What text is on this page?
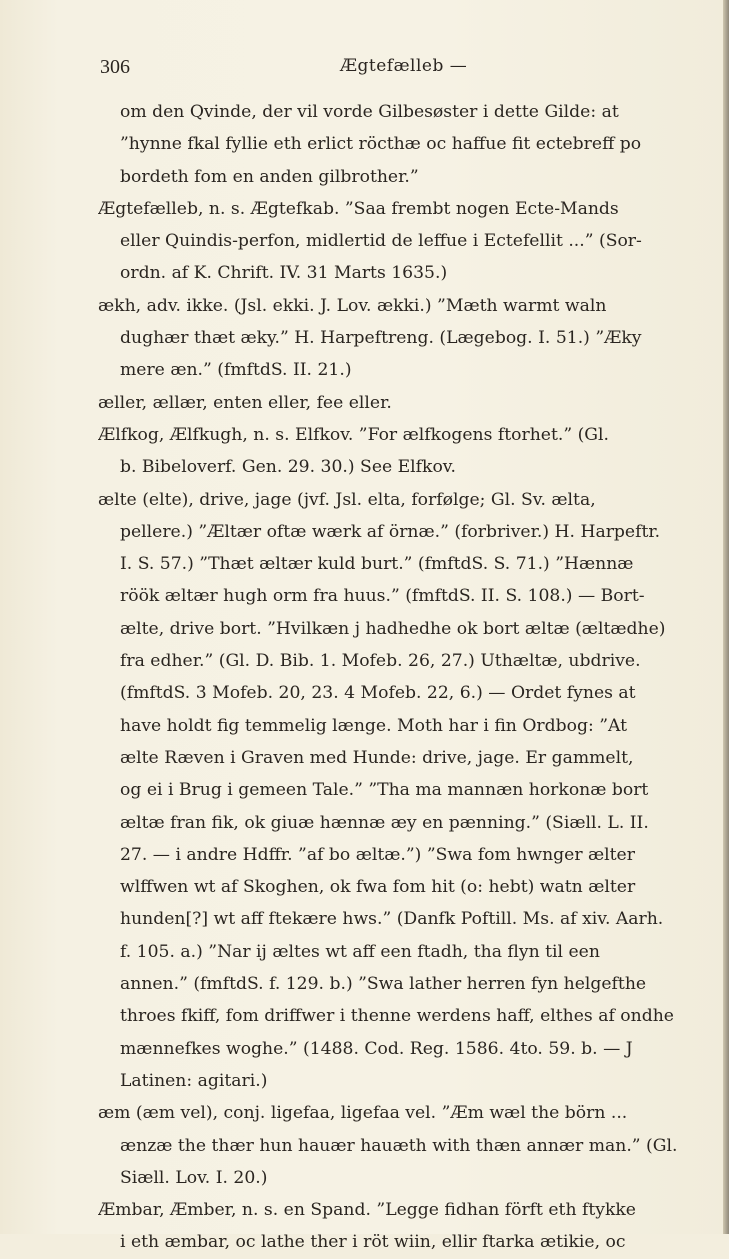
306	Ægtefælleb —
om den Qvinde, der vil vorde Gilbesøster i dette Gilde: at
”hynne fkal fyllie eth erlict röcthæ oc haffue fit ectebreff po
bordeth fom en anden gilbrother.”
Ægtefælleb, n. s. Ægtefkab. ”Saa frembt nogen Ecte-Mands
eller Quindis-perfon, midlertid de leffue i Ectefellit ...” (Sor-
ordn. af K. Chrift. IV. 31 Marts 1635.)
ækh, adv. ikke. (Jsl. ekki. J. Lov. ækki.) ”Mæth warmt waln
dughær thæt æky.” H. Harpeftreng. (Lægebog. I. 51.) ”Æky
mere æn.” (fmftdS. II. 21.)
æller, ællær, enten eller, fee eller.
Ælfkog, Ælfkugh, n. s. Elfkov. ”For ælfkogens ftorhet.” (Gl.
b. Bibeloverf. Gen. 29. 30.) See Elfkov.
ælte (elte), drive, jage (jvf. Jsl. elta, forfølge; Gl. Sv. ælta,
pellere.) ”Æltær oftæ wærk af örnæ.” (forbriver.) H. Harpeftr.
I. S. 57.) ”Thæt æltær kuld burt.” (fmftdS. S. 71.) ”Hænnæ
röök æltær hugh orm fra huus.” (fmftdS. II. S. 108.) — Bort-
ælte, drive bort. ”Hvilkæn j hadhedhe ok bort æltæ (æltædhe)
fra edher.” (Gl. D. Bib. 1. Mofeb. 26, 27.) Uthæltæ, ubdrive.
(fmftdS. 3 Mofeb. 20, 23. 4 Mofeb. 22, 6.) — Ordet fynes at
have holdt fig temmelig længe. Moth har i fin Ordbog: ”At
ælte Ræven i Graven med Hunde: drive, jage. Er gammelt,
og ei i Brug i gemeen Tale.” ”Tha ma mannæn horkonæ bort
æltæ fran fik, ok giuæ hænnæ æy en pænning.” (Siæll. L. II.
27. — i andre Hdffr. ”af bo æltæ.”) ”Swa fom hwnger ælter
wlffwen wt af Skoghen, ok fwa fom hit (o: hebt) watn ælter
hunden[?] wt aff ftekære hws.” (Danfk Poftill. Ms. af xiv. Aarh.
f. 105. a.) ”Nar ij æltes wt aff een ftadh, tha flyn til een
annen.” (fmftdS. f. 129. b.) ”Swa lather herren fyn helgefthe
throes fkiff, fom driffwer i thenne werdens haff, elthes af ondhe
mænnefkes woghe.” (1488. Cod. Reg. 1586. 4to. 59. b. — J
Latinen: agitari.)
æm (æm vel), conj. ligefaa, ligefaa vel. ”Æm wæl the börn ...
ænzæ the thær hun hauær hauæth with thæn annær man.” (Gl.
Siæll. Lov. I. 20.)
Æmbar, Æmber, n. s. en Spand. ”Legge fidhan förft eth ftykke
i eth æmbar, oc lathe ther i röt wiin, ellir ftarka ætikie, oc
